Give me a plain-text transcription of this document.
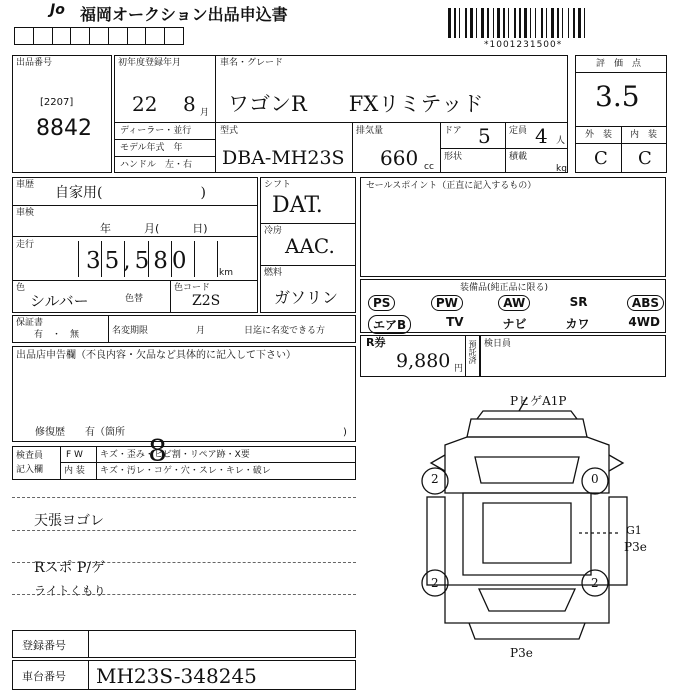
Jo 福岡オークション出品申込書
*1001231500*
出品番号
[2207]
8842
初年度登録年月	車名・グレード
22 8 月 ワゴンR　　FXリミテッド
ディーラー・並行
モデル年式　年
ハンドル　左・右
型式
DBA-MH23S
排気量
660 cc
ドア 5 定員 4 人
形状	積載
kg
評　価　点
3.5
外　装 内　装
C C
車歴 自家用(　　　　　　　)
車検
年　　　月(　　　日)
走行
35,580	km
色
シルバー	色替
色コード
Z2S
シフト
DAT.
冷房
AAC.
燃料
ガソリン
セールスポイント（正直に記入するもの）
装備品(純正品に限る)
PS	PW	AW	SR	ABS
エアB	TV	ナビ	カワ	4WD
保証書
有　・　無	名変期限	月	日迄に名変できる方
R券
9,880 円
預託済 検日員
出品店申告欄（不良内容・欠品など具体的に記入して下さい）
修復歴　　有（箇所	)
検査員
記入欄
F W キズ・歪み・ヒビ割・リペア跡・X要
内 装 キズ・汚レ・コゲ・穴・スレ・キレ・破レ
8
天張ヨゴレ
Rスポ P/ゲ
ライトくもり
PヒゲA1P
G1
P3e
P3e
2	0
2	2
登録番号
車台番号 MH23S-348245
